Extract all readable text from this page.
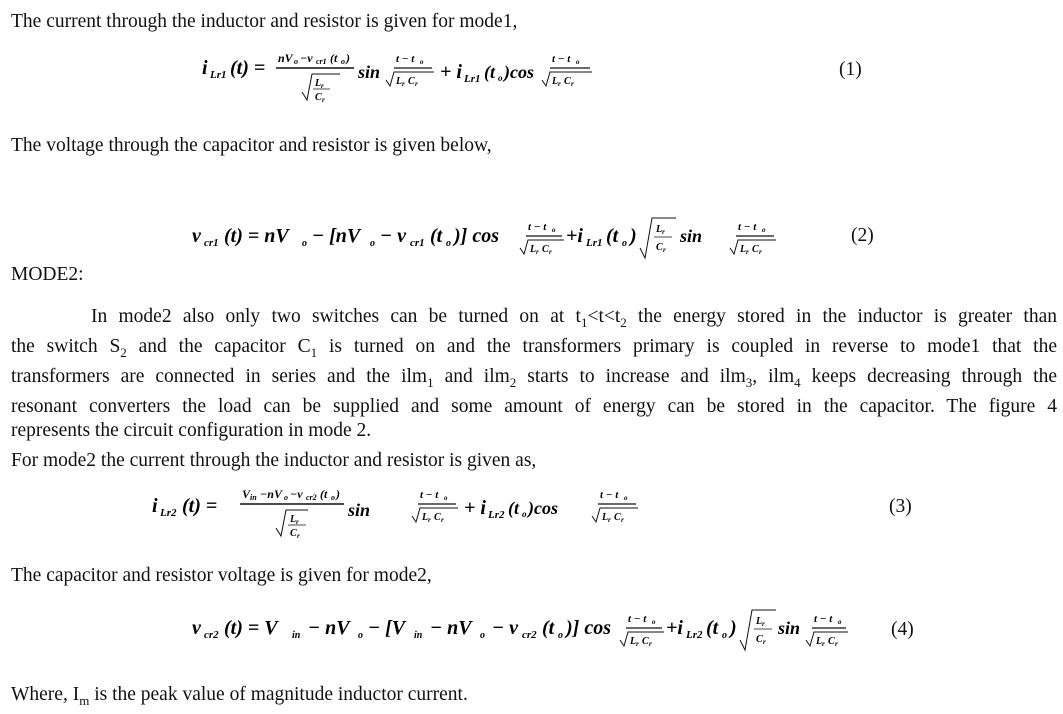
The current through the inductor and resistor is given for mode1,
i Lr1 (t) = nV o −v cr1 (t o )
L r
C r
sin
t − t o
L r C r
+ i Lr1 (t o )cos
t − t o
L r C r
(1)
The voltage through the capacitor and resistor is given below,
v cr1 (t) = nV o − [nV o − v cr1 (t o )] cos	t − t o
L r C r
+i Lr1 (t o ) L r
C r
sin	t − t o
L r C r
(2)
MODE2:
In mode2 also only two switches can be turned on at $t_1<t<t_2$ the energy stored in the inductor is greater than
the switch $S_2$ and the capacitor $C_1$ is turned on and the transformers primary is coupled in reverse to mode1 that the
transformers are connected in series and the ilm$_1$ and ilm$_2$ starts to increase and ilm$_3$, ilm$_4$ keeps decreasing through the
resonant converters the load can be supplied and some amount of energy can be stored in the capacitor. The figure 4
represents the circuit configuration in mode 2.
For mode2 the current through the inductor and resistor is given as,
i Lr2 (t) =
V in −nV o −v cr2 (t o )
L r
C r
sin
t − t o
L r C r
+ i Lr2 (t o )cos
t − t o
L r C r
(3)
The capacitor and resistor voltage is given for mode2,
v cr2 (t) = V in − nV o − [V in − nV o − v cr2 (t o )] cos t − t o
L r C r
+i Lr2 (t o ) L r
C r
sin t − t o
L r C r
(4)
Where, $I_m$ is the peak value of magnitude inductor current.
